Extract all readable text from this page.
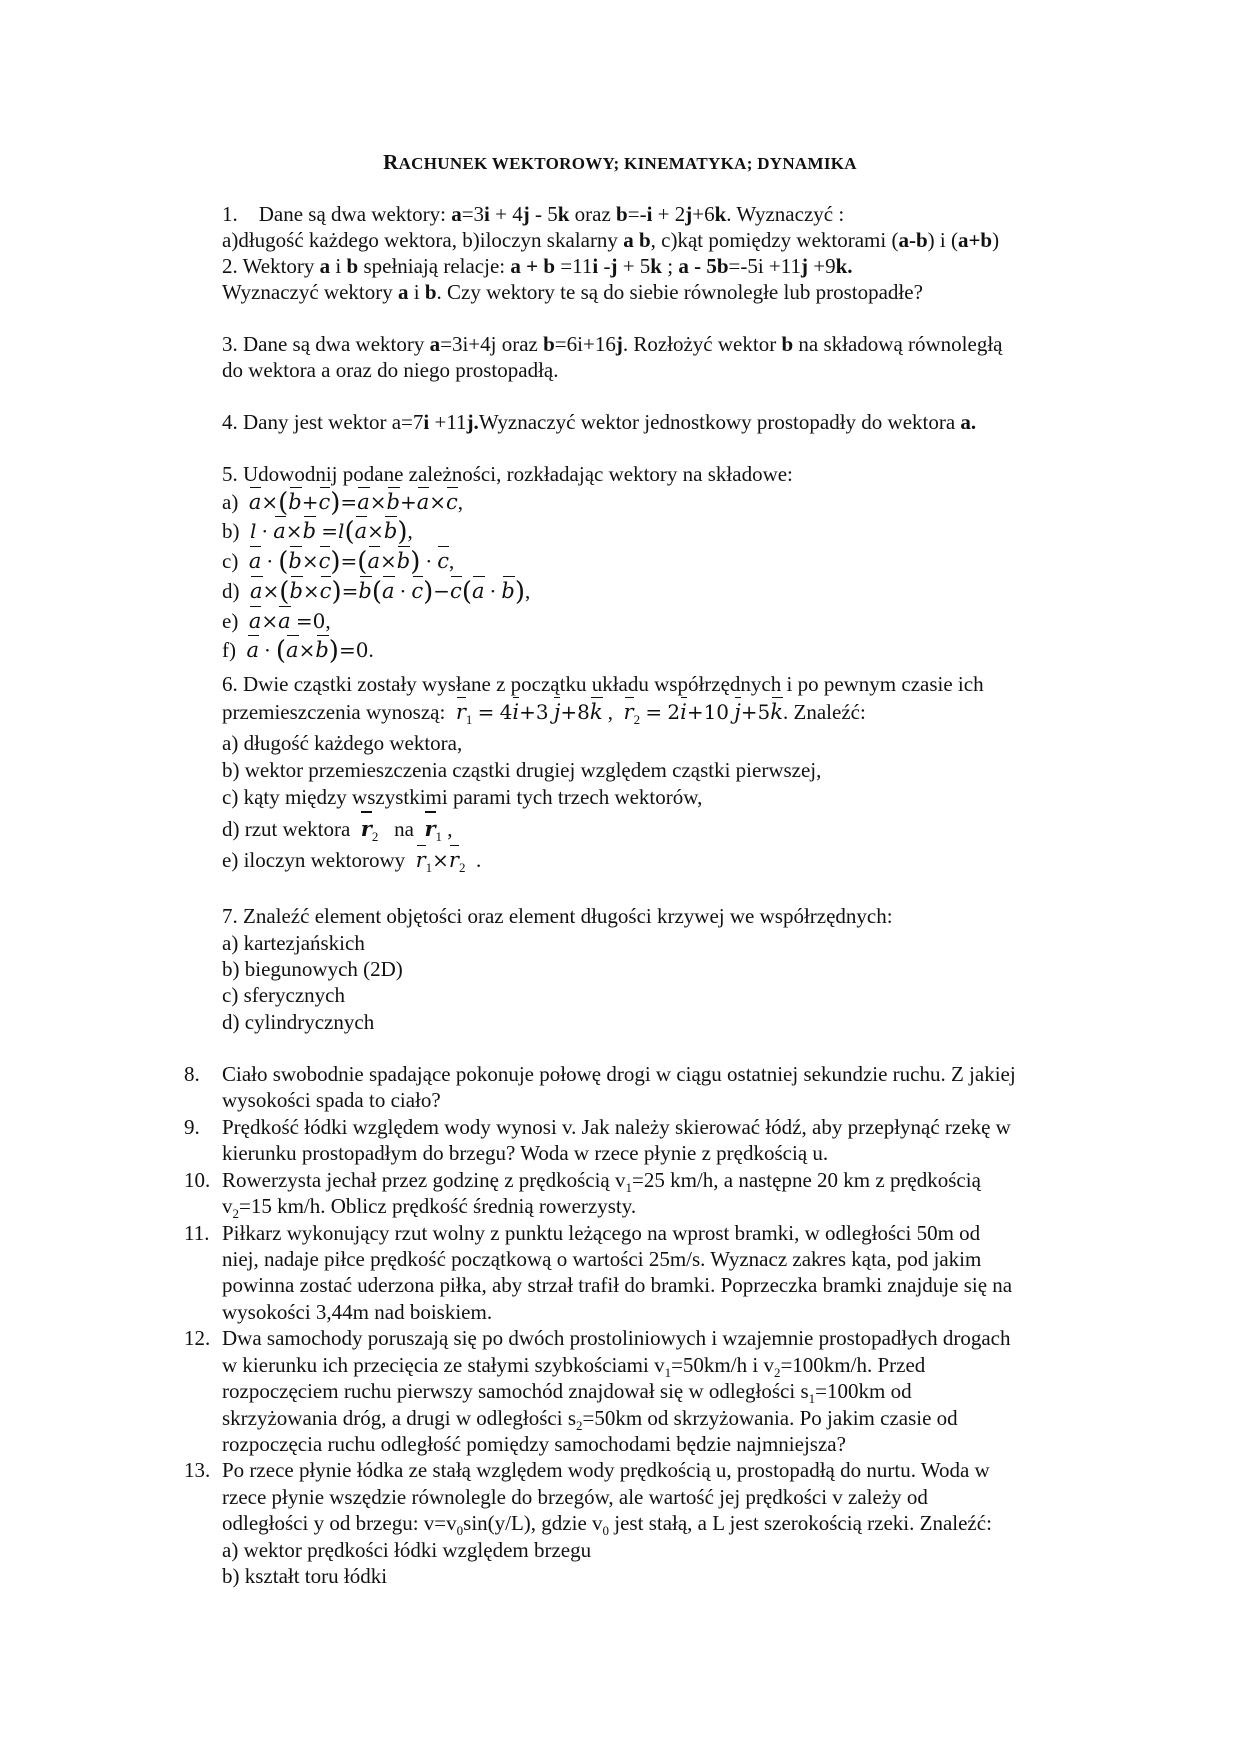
RACHUNEK WEKTOROWY; KINEMATYKA; DYNAMIKA
1. Dane są dwa wektory: a=3i + 4j - 5k oraz b=-i + 2j+6k. Wyznaczyć :
a)długość każdego wektora, b)iloczyn skalarny a b, c)kąt pomiędzy wektorami (a-b) i (a+b)
2. Wektory a i b spełniają relacje: a + b =11i -j + 5k ; a - 5b=-5i +11j +9k.
Wyznaczyć wektory a i b. Czy wektory te są do siebie równoległe lub prostopadłe?
3. Dane są dwa wektory a=3i+4j oraz b=6i+16j. Rozłożyć wektor b na składową równoległą
do wektora a oraz do niego prostopadłą.
4. Dany jest wektor a=7i +11j.Wyznaczyć wektor jednostkowy prostopadły do wektora a.
5. Udowodnij podane zależności, rozkładając wektory na składowe:
a) a×(b+c)=a×b+a×c,
b) l · a×b =l(a×b),
c) a · (b×c)=(a×b) · c,
d) a×(b×c)=b(a · c)−c(a · b),
e) a×a =0,
f) a · (a×b)=0.
6. Dwie cząstki zostały wysłane z początku układu współrzędnych i po pewnym czasie ich
przemieszczenia wynoszą: $r_1 = 4i+3$ j+8k , $r_2 = 2i+10$ j+5k. Znaleźć:
a) długość każdego wektora,
b) wektor przemieszczenia cząstki drugiej względem cząstki pierwszej,
c) kąty między wszystkimi parami tych trzech wektorów,
d) rzut wektora  $r_2$   na  $r_1$ ,
e) iloczyn wektorowy  $r_1\times r_2$  .
7. Znaleźć element objętości oraz element długości krzywej we współrzędnych:
a) kartezjańskich
b) biegunowych (2D)
c) sferycznych
d) cylindrycznych
8. Ciało swobodnie spadające pokonuje połowę drogi w ciągu ostatniej sekundzie ruchu. Z jakiej
wysokości spada to ciało?
9. Prędkość łódki względem wody wynosi v. Jak należy skierować łódź, aby przepłynąć rzekę w
kierunku prostopadłym do brzegu? Woda w rzece płynie z prędkością u.
10. Rowerzysta jechał przez godzinę z prędkością $v_1=25$ km/h, a następne 20 km z prędkością
$v_2=15$ km/h. Oblicz prędkość średnią rowerzysty.
11. Piłkarz wykonujący rzut wolny z punktu leżącego na wprost bramki, w odległości 50m od
niej, nadaje piłce prędkość początkową o wartości 25m/s. Wyznacz zakres kąta, pod jakim
powinna zostać uderzona piłka, aby strzał trafił do bramki. Poprzeczka bramki znajduje się na
wysokości 3,44m nad boiskiem.
12. Dwa samochody poruszają się po dwóch prostoliniowych i wzajemnie prostopadłych drogach
w kierunku ich przecięcia ze stałymi szybkościami $v_1=50km/h$ i $v_2=100km/h$. Przed
rozpoczęciem ruchu pierwszy samochód znajdował się w odległości $s_1=100km$ od
skrzyżowania dróg, a drugi w odległości $s_2=50km$ od skrzyżowania. Po jakim czasie od
rozpoczęcia ruchu odległość pomiędzy samochodami będzie najmniejsza?
13. Po rzece płynie łódka ze stałą względem wody prędkością u, prostopadłą do nurtu. Woda w
rzece płynie wszędzie równolegle do brzegów, ale wartość jej prędkości v zależy od
odległości y od brzegu: $v=v_0\sin(y/L)$, gdzie $v_0$ jest stałą, a L jest szerokością rzeki. Znaleźć:
a) wektor prędkości łódki względem brzegu
b) kształt toru łódki
